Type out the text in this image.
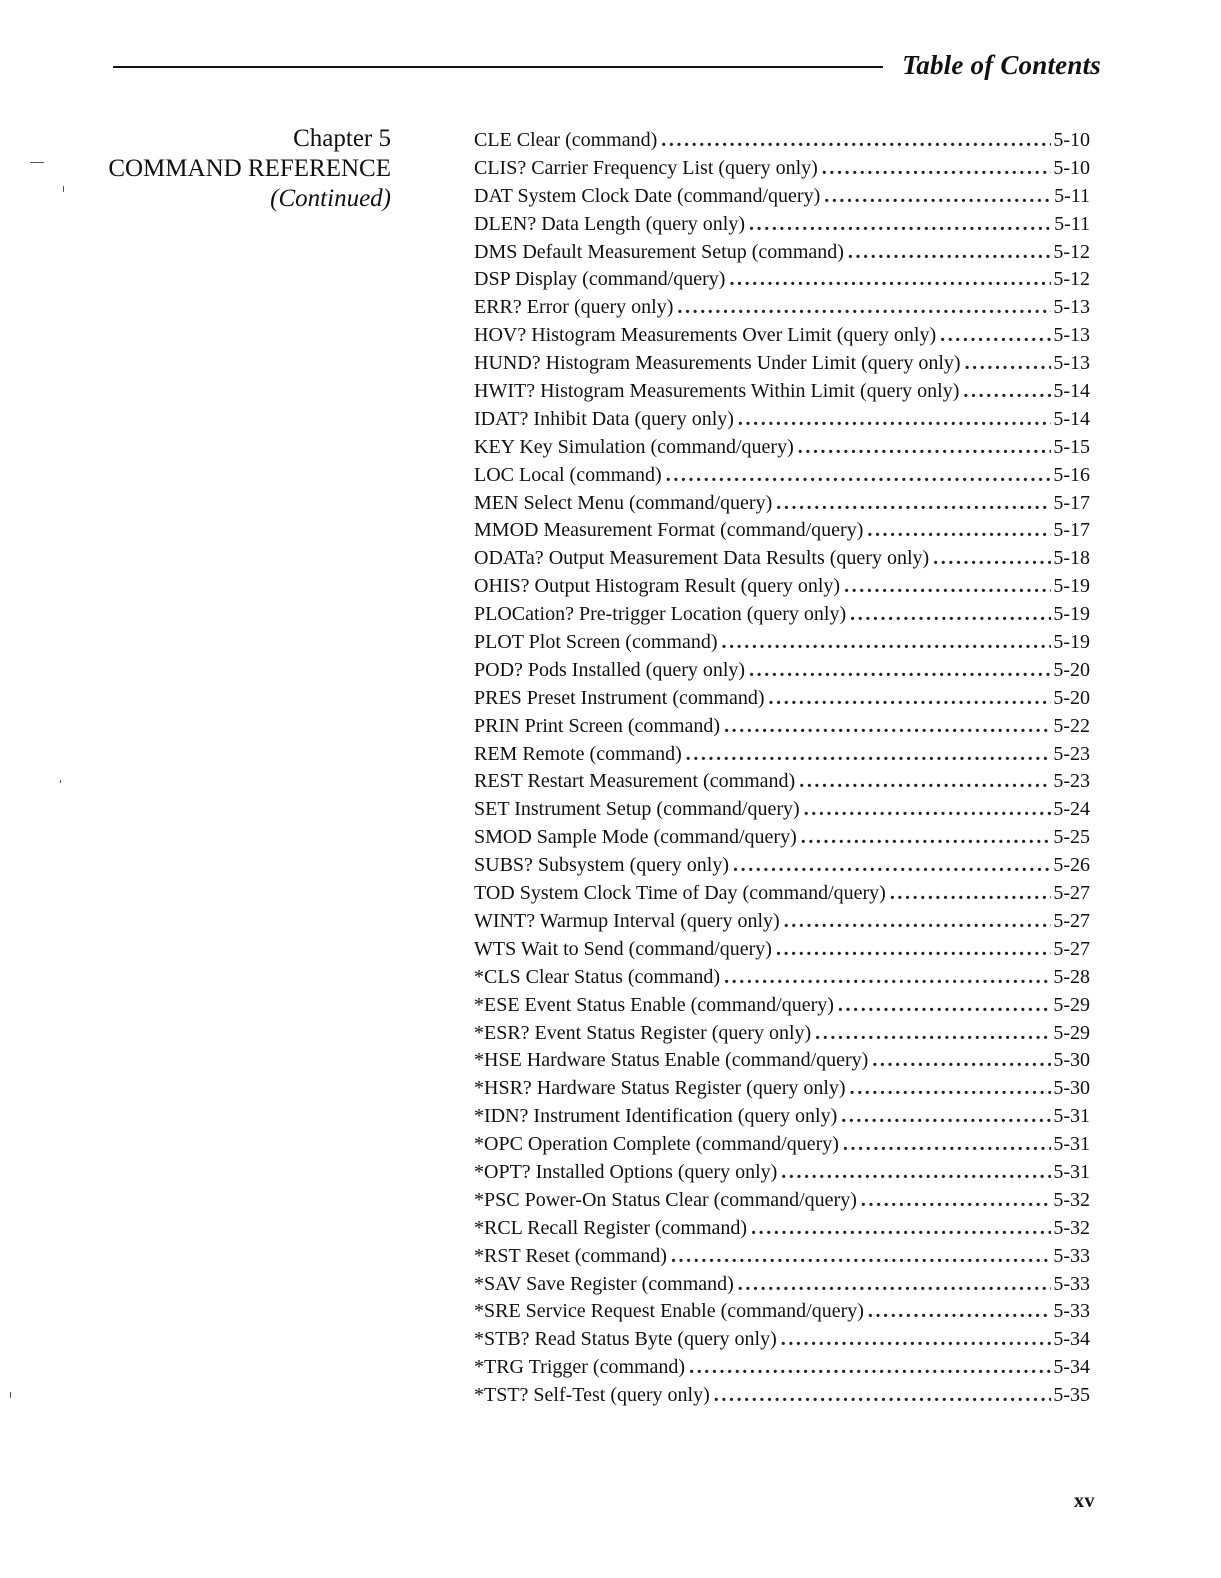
Table of Contents
Chapter 5
COMMAND REFERENCE
(Continued)
CLE Clear (command) .....	5-10
CLIS? Carrier Frequency List (query only) .....	5-10
DAT System Clock Date (command/query) .....	5-11
DLEN? Data Length (query only) .....	5-11
DMS Default Measurement Setup (command) .....	5-12
DSP Display (command/query) .....	5-12
ERR? Error (query only) .....	5-13
HOV? Histogram Measurements Over Limit (query only) .....	5-13
HUND? Histogram Measurements Under Limit (query only) .....	5-13
HWIT? Histogram Measurements Within Limit (query only) .....	5-14
IDAT? Inhibit Data (query only) .....	5-14
KEY Key Simulation (command/query) .....	5-15
LOC Local (command) .....	5-16
MEN Select Menu (command/query) .....	5-17
MMOD Measurement Format (command/query) .....	5-17
ODATa? Output Measurement Data Results (query only) .....	5-18
OHIS? Output Histogram Result (query only) .....	5-19
PLOCation? Pre-trigger Location (query only) .....	5-19
PLOT Plot Screen (command) .....	5-19
POD? Pods Installed (query only) .....	5-20
PRES Preset Instrument (command) .....	5-20
PRIN Print Screen (command) .....	5-22
REM Remote (command) .....	5-23
REST Restart Measurement (command) .....	5-23
SET Instrument Setup (command/query) .....	5-24
SMOD Sample Mode (command/query) .....	5-25
SUBS? Subsystem (query only) .....	5-26
TOD System Clock Time of Day (command/query) .....	5-27
WINT? Warmup Interval (query only) .....	5-27
WTS Wait to Send (command/query) .....	5-27
*CLS Clear Status (command) .....	5-28
*ESE Event Status Enable (command/query) .....	5-29
*ESR? Event Status Register (query only) .....	5-29
*HSE Hardware Status Enable (command/query) .....	5-30
*HSR? Hardware Status Register (query only) .....	5-30
*IDN? Instrument Identification (query only) .....	5-31
*OPC Operation Complete (command/query) .....	5-31
*OPT? Installed Options (query only) .....	5-31
*PSC Power-On Status Clear (command/query) .....	5-32
*RCL Recall Register (command) .....	5-32
*RST Reset (command) .....	5-33
*SAV Save Register (command) .....	5-33
*SRE Service Request Enable (command/query) .....	5-33
*STB? Read Status Byte (query only) .....	5-34
*TRG Trigger (command) .....	5-34
*TST? Self-Test (query only) .....	5-35
xv
